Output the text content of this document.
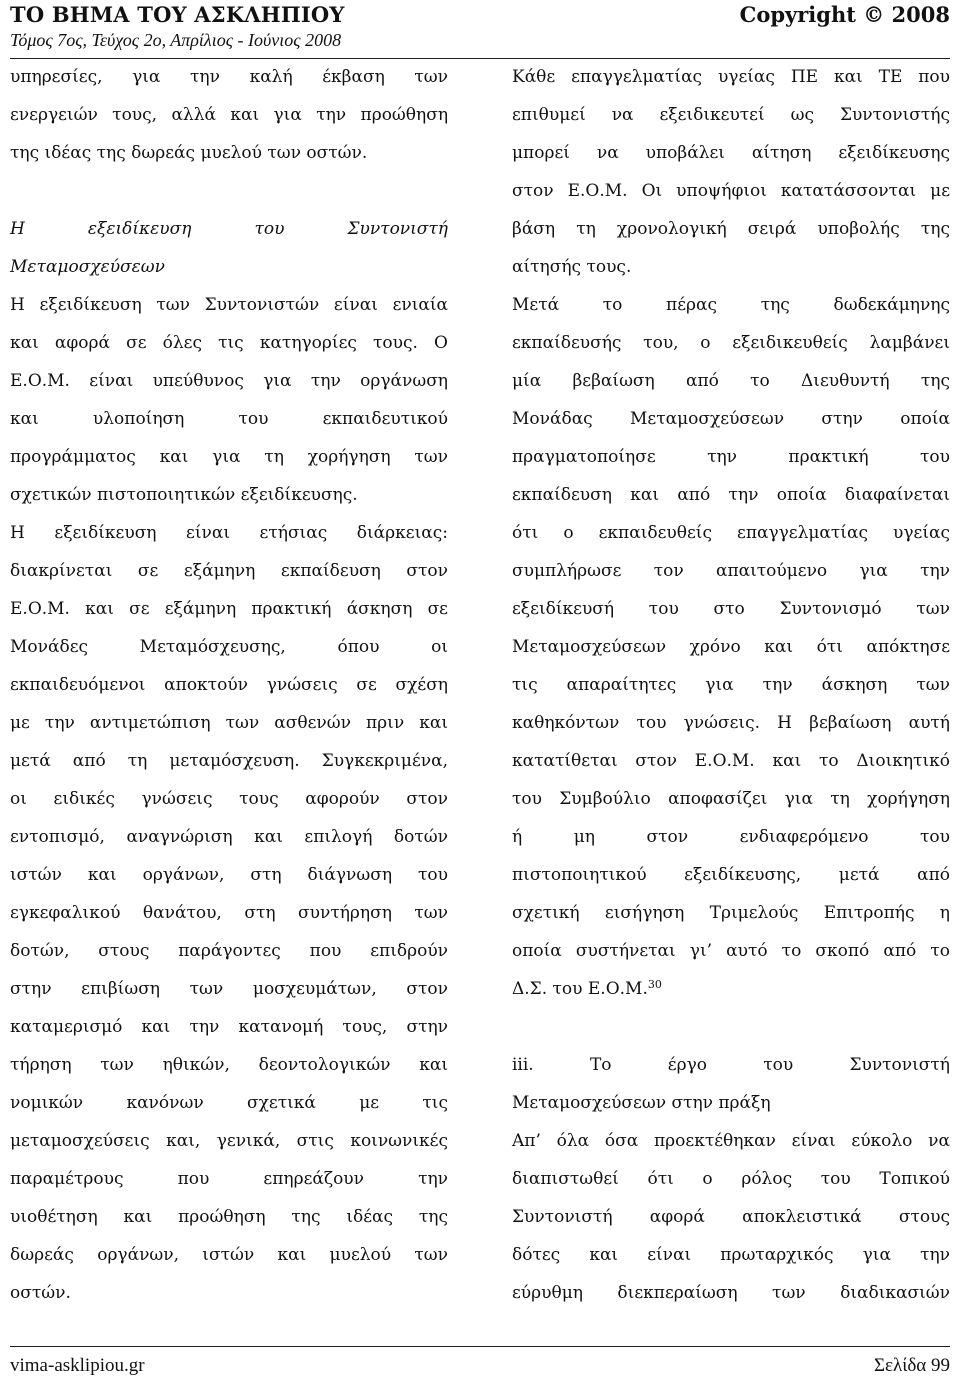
ΤΟ ΒΗΜΑ ΤΟΥ ΑΣΚΛΗΠΙΟΥ
Τόμος 7ος, Τεύχος 2ο, Απρίλιος - Ιούνιος 2008
Copyright © 2008
υπηρεσίες, για την καλή έκβαση των
ενεργειών τους, αλλά και για την προώθηση
της ιδέας της δωρεάς μυελού των οστών.
Η εξειδίκευση του Συντονιστή
Μεταμοσχεύσεων
Η εξειδίκευση των Συντονιστών είναι ενιαία
και αφορά σε όλες τις κατηγορίες τους. Ο
Ε.Ο.Μ. είναι υπεύθυνος για την οργάνωση
και υλοποίηση του εκπαιδευτικού
προγράμματος και για τη χορήγηση των
σχετικών πιστοποιητικών εξειδίκευσης.
Η εξειδίκευση είναι ετήσιας διάρκειας:
διακρίνεται σε εξάμηνη εκπαίδευση στον
Ε.Ο.Μ. και σε εξάμηνη πρακτική άσκηση σε
Μονάδες Μεταμόσχευσης, όπου οι
εκπαιδευόμενοι αποκτούν γνώσεις σε σχέση
με την αντιμετώπιση των ασθενών πριν και
μετά από τη μεταμόσχευση. Συγκεκριμένα,
οι ειδικές γνώσεις τους αφορούν στον
εντοπισμό, αναγνώριση και επιλογή δοτών
ιστών και οργάνων, στη διάγνωση του
εγκεφαλικού θανάτου, στη συντήρηση των
δοτών, στους παράγοντες που επιδρούν
στην επιβίωση των μοσχευμάτων, στον
καταμερισμό και την κατανομή τους, στην
τήρηση των ηθικών, δεοντολογικών και
νομικών κανόνων σχετικά με τις
μεταμοσχεύσεις και, γενικά, στις κοινωνικές
παραμέτρους που επηρεάζουν την
υιοθέτηση και προώθηση της ιδέας της
δωρεάς οργάνων, ιστών και μυελού των
οστών.
Κάθε επαγγελματίας υγείας ΠΕ και ΤΕ που
επιθυμεί να εξειδικευτεί ως Συντονιστής
μπορεί να υποβάλει αίτηση εξειδίκευσης
στον Ε.Ο.Μ. Οι υποψήφιοι κατατάσσονται με
βάση τη χρονολογική σειρά υποβολής της
αίτησής τους.
Μετά το πέρας της δωδεκάμηνης
εκπαίδευσής του, ο εξειδικευθείς λαμβάνει
μία βεβαίωση από το Διευθυντή της
Μονάδας Μεταμοσχεύσεων στην οποία
πραγματοποίησε την πρακτική του
εκπαίδευση και από την οποία διαφαίνεται
ότι ο εκπαιδευθείς επαγγελματίας υγείας
συμπλήρωσε τον απαιτούμενο για την
εξειδίκευσή του στο Συντονισμό των
Μεταμοσχεύσεων χρόνο και ότι απόκτησε
τις απαραίτητες για την άσκηση των
καθηκόντων του γνώσεις. Η βεβαίωση αυτή
κατατίθεται στον Ε.Ο.Μ. και το Διοικητικό
του Συμβούλιο αποφασίζει για τη χορήγηση
ή μη στον ενδιαφερόμενο του
πιστοποιητικού εξειδίκευσης, μετά από
σχετική εισήγηση Τριμελούς Επιτροπής η
οποία συστήνεται γι’ αυτό το σκοπό από το
Δ.Σ. του Ε.Ο.Μ.$^{30}$
iii. Το έργο του Συντονιστή
Μεταμοσχεύσεων στην πράξη
Απ’ όλα όσα προεκτέθηκαν είναι εύκολο να
διαπιστωθεί ότι ο ρόλος του Τοπικού
Συντονιστή αφορά αποκλειστικά στους
δότες και είναι πρωταρχικός για την
εύρυθμη διεκπεραίωση των διαδικασιών
vima-asklipiou.gr	Σελίδα 99
